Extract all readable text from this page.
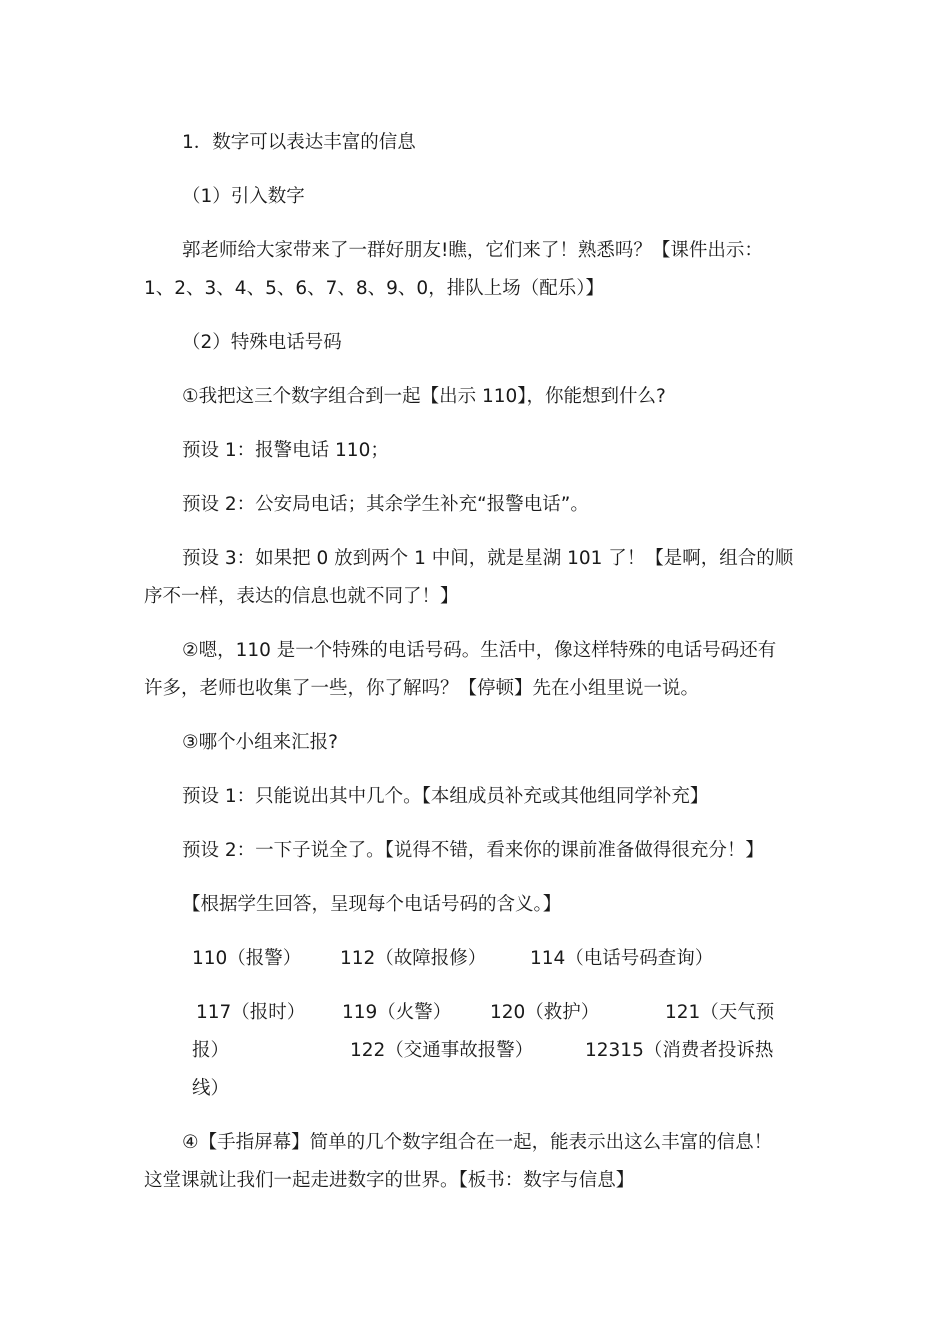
1．数字可以表达丰富的信息
（1）引入数字
郭老师给大家带来了一群好朋友!瞧，它们来了！熟悉吗？【课件出示：
1、2、3、4、5、6、7、8、9、0，排队上场（配乐）】
（2）特殊电话号码
①我把这三个数字组合到一起【出示 110】，你能想到什么?
预设 1：报警电话 110；
预设 2：公安局电话；其余学生补充“报警电话”。
预设 3：如果把 0 放到两个 1 中间，就是星湖 101 了！【是啊，组合的顺
序不一样，表达的信息也就不同了！】
②嗯，110 是一个特殊的电话号码。生活中，像这样特殊的电话号码还有
许多，老师也收集了一些，你了解吗？【停顿】先在小组里说一说。
③哪个小组来汇报?
预设 1：只能说出其中几个。【本组成员补充或其他组同学补充】
预设 2：一下子说全了。【说得不错，看来你的课前准备做得很充分！】
【根据学生回答，呈现每个电话号码的含义。】
110（报警） 112（故障报修） 114（电话号码查询）
117（报时） 119（火警） 120（救护）	121（天气预
报）	122（交通事故报警）	12315（消费者投诉热
线）
④【手指屏幕】简单的几个数字组合在一起，能表示出这么丰富的信息！
这堂课就让我们一起走进数字的世界。【板书：数字与信息】
